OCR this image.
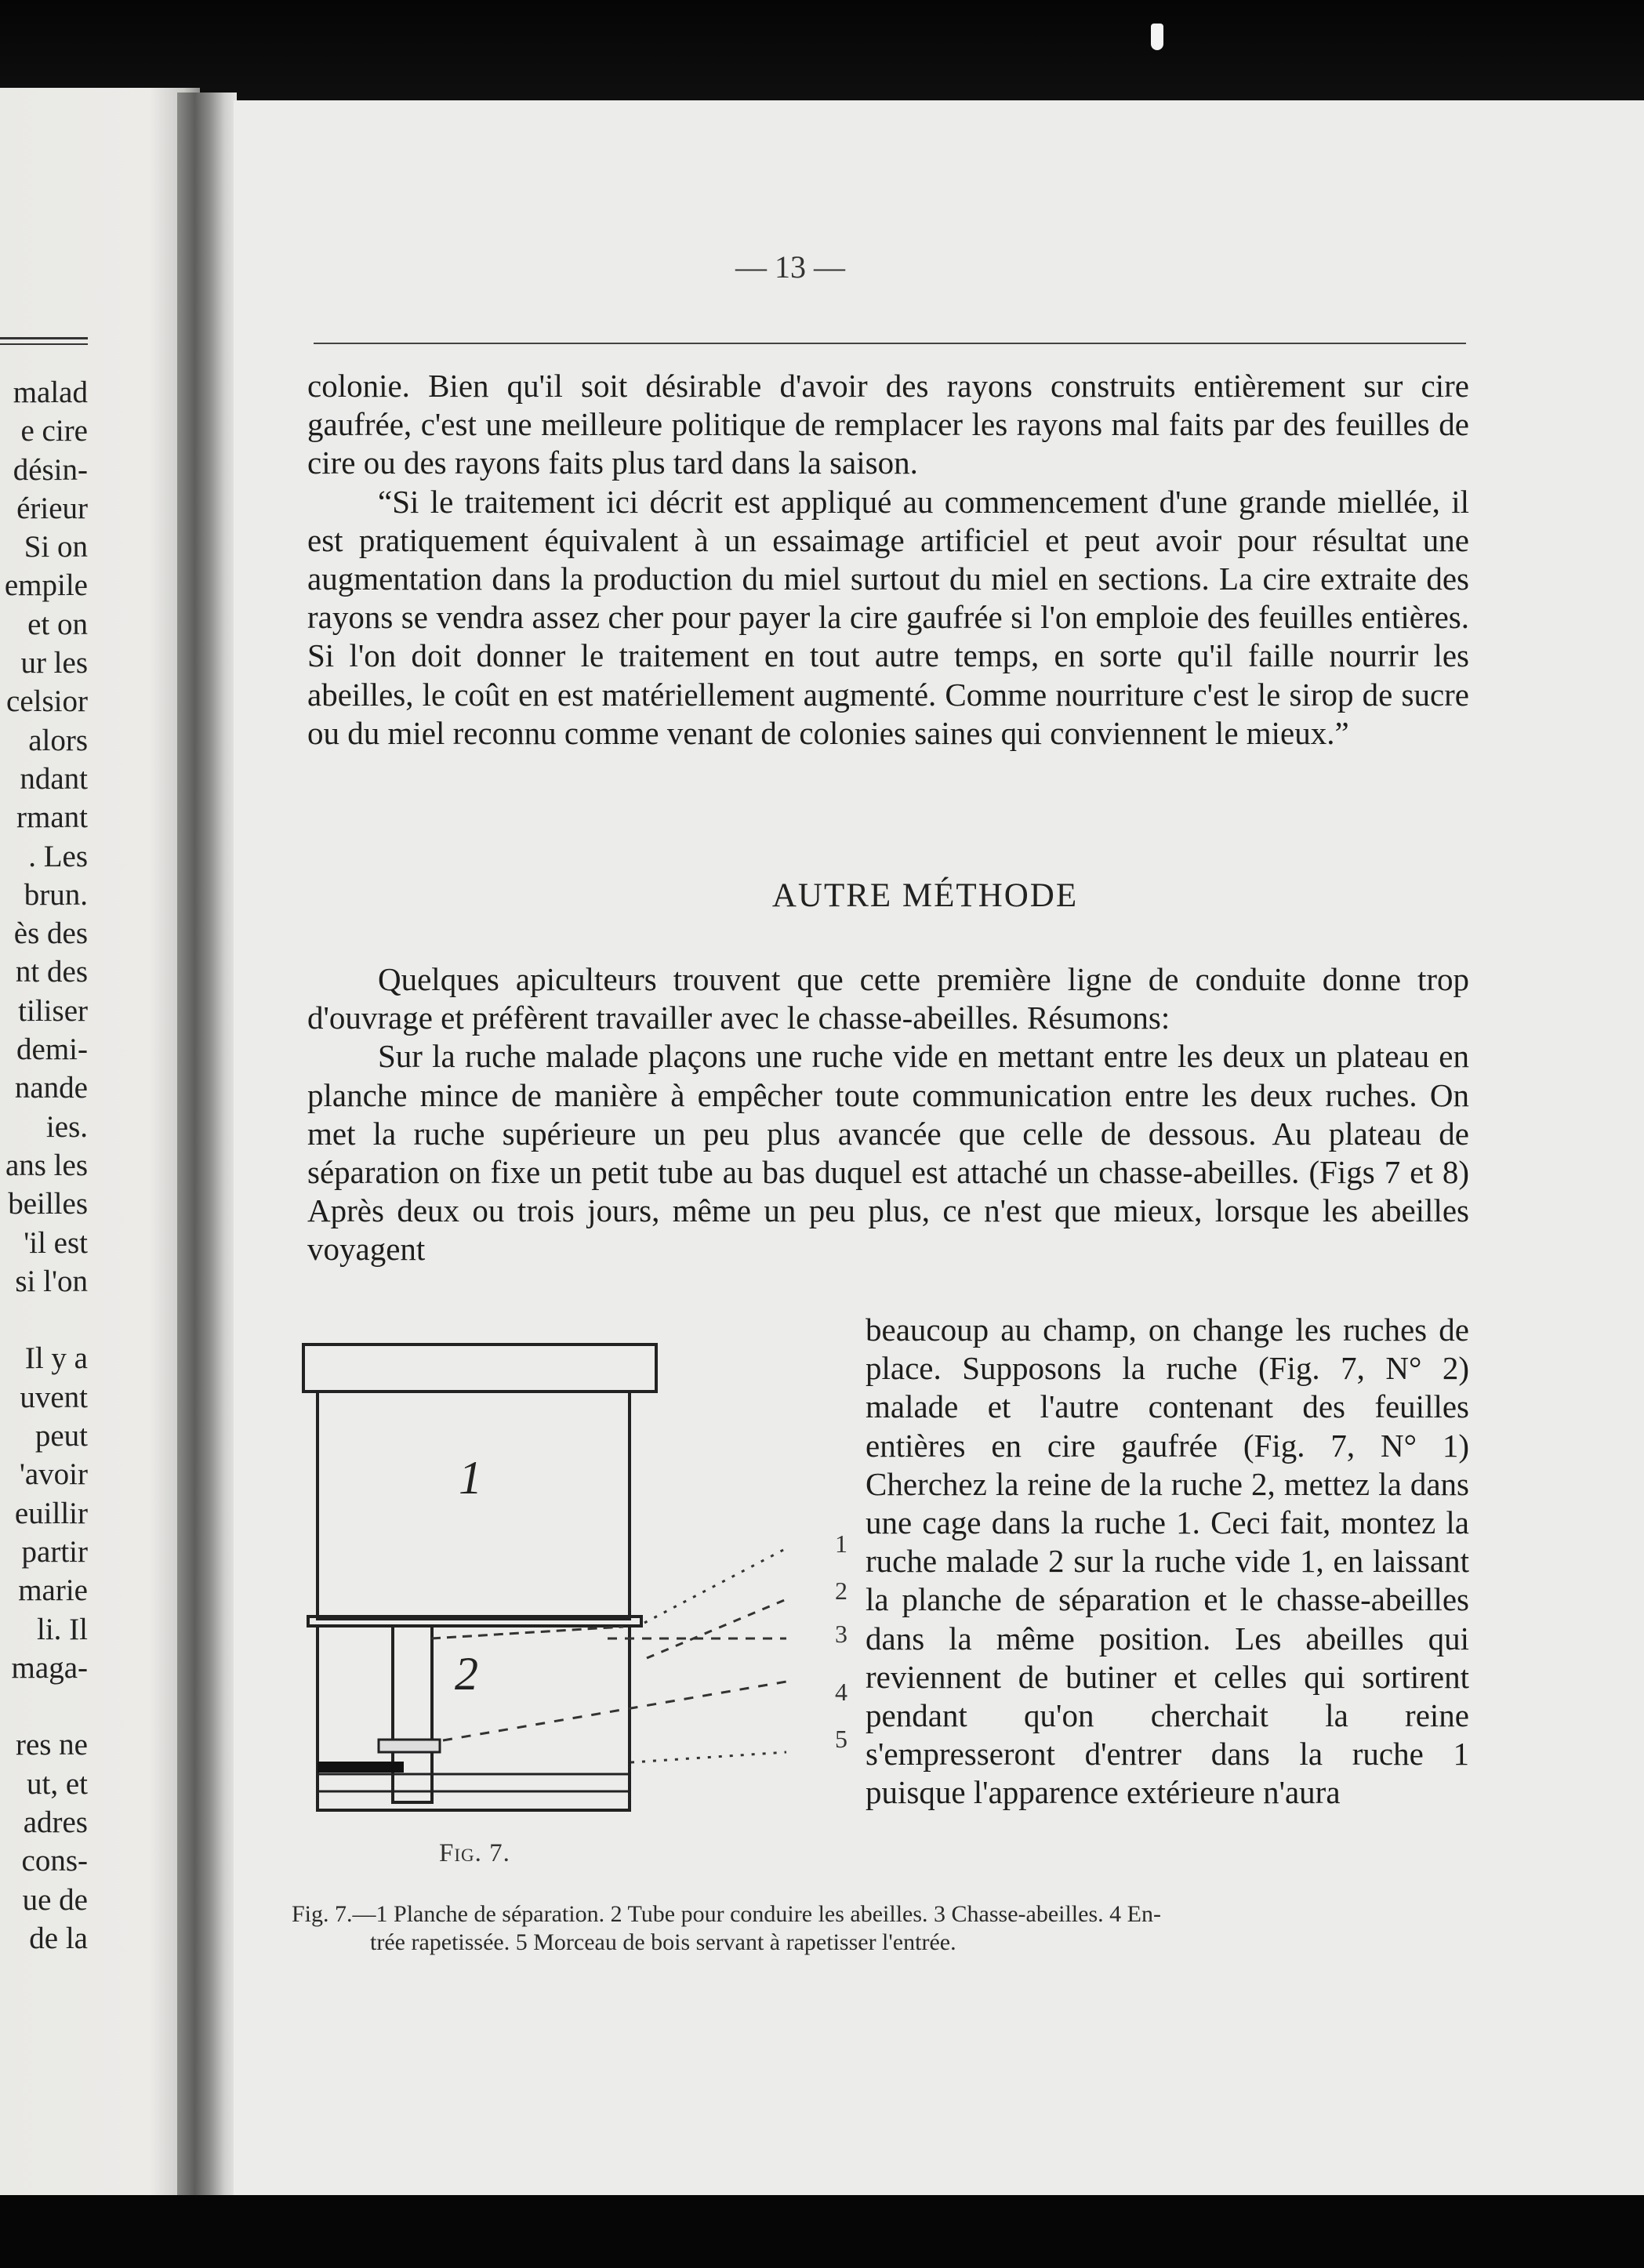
malad
e cire
désin-
érieur
Si on
empile
et on
ur les
celsior
alors
ndant
rmant
. Les
brun.
ès des
nt des
tiliser
demi-
nande
ies.
ans les
beilles
'il est
si l'on
Il y a
uvent
peut
'avoir
euillir
partir
marie
li. Il
maga-
res ne
ut, et
adres
cons-
ue de
de la
— 13 —

colonie. Bien qu'il soit désirable d'avoir des rayons construits entièrement sur cire gaufrée, c'est une meilleure politique de remplacer les rayons mal faits par des feuilles de cire ou des rayons faits plus tard dans la saison.

“Si le traitement ici décrit est appliqué au commencement d'une grande miellée, il est pratiquement équivalent à un essaimage artificiel et peut avoir pour résultat une augmentation dans la production du miel surtout du miel en sections. La cire extraite des rayons se vendra assez cher pour payer la cire gaufrée si l'on emploie des feuilles entières. Si l'on doit donner le traitement en tout autre temps, en sorte qu'il faille nourrir les abeilles, le coût en est matériellement augmenté. Comme nourriture c'est le sirop de sucre ou du miel reconnu comme venant de colonies saines qui conviennent le mieux.”

AUTRE MÉTHODE

Quelques apiculteurs trouvent que cette première ligne de conduite donne trop d'ouvrage et préfèrent travailler avec le chasse-abeilles. Résumons:

Sur la ruche malade plaçons une ruche vide en mettant entre les deux un plateau en planche mince de manière à empêcher toute communication entre les deux ruches. On met la ruche supérieure un peu plus avancée que celle de dessous. Au plateau de séparation on fixe un petit tube au bas duquel est attaché un chasse-abeilles. (Figs 7 et 8) Après deux ou trois jours, même un peu plus, ce n'est que mieux, lorsque les abeilles voyagent

beaucoup au champ, on change les ruches de place. Supposons la ruche (Fig. 7, N° 2) malade et l'autre contenant des feuilles entières en cire gaufrée (Fig. 7, N° 1) Cherchez la reine de la ruche 2, mettez la dans une cage dans la ruche 1. Ceci fait, montez la ruche malade 2 sur la ruche vide 1, en laissant la planche de séparation et le chasse-abeilles dans la même position. Les abeilles qui reviennent de butiner et celles qui sortirent pendant qu'on cherchait la reine s'empresseront d'entrer dans la ruche 1 puisque l'apparence extérieure n'aura

1
2
1
2
3
4
5
Fig. 7.
Fig. 7.—1 Planche de séparation. 2 Tube pour conduire les abeilles. 3 Chasse-abeilles. 4 En-
trée rapetissée. 5 Morceau de bois servant à rapetisser l'entrée.
